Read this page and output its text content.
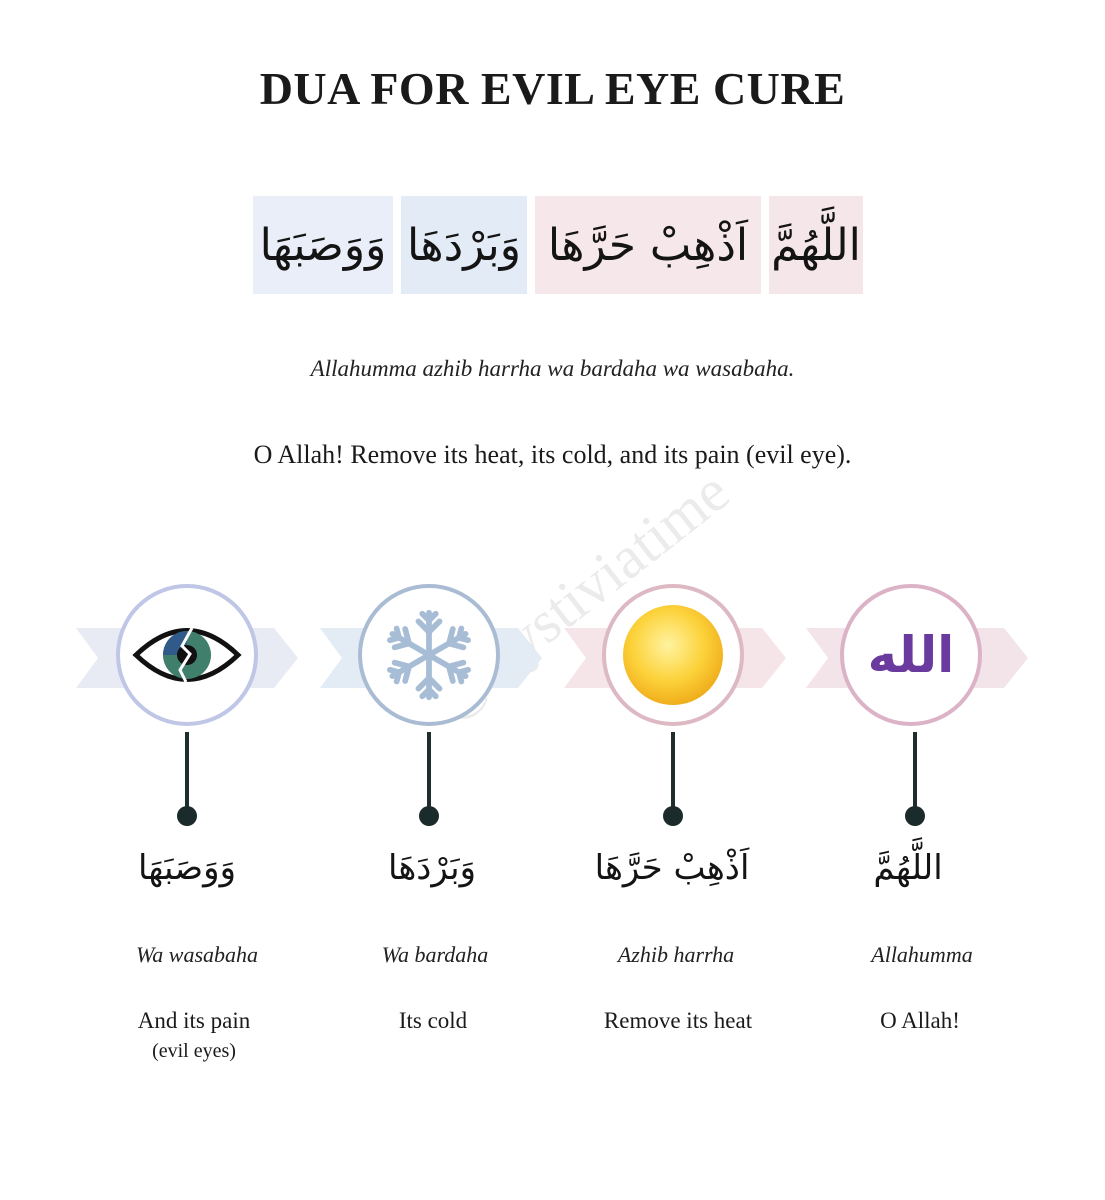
DUA FOR EVIL EYE CURE
اللَّهُمَّ
اَذْهِبْ حَرَّهَا
وَبَرْدَهَا
وَوَصَبَهَا
Allahumma azhib harrha wa bardaha wa wasabaha.
O Allah! Remove its heat, its cold, and its pain (evil eye).
@trystiviatime
وَوَصَبَهَا
Wa wasabaha
And its pain
(evil eyes)
وَبَرْدَهَا
Wa bardaha
Its cold
اَذْهِبْ حَرَّهَا
Azhib harrha
Remove its heat
الله
اللَّهُمَّ
Allahumma
O Allah!
